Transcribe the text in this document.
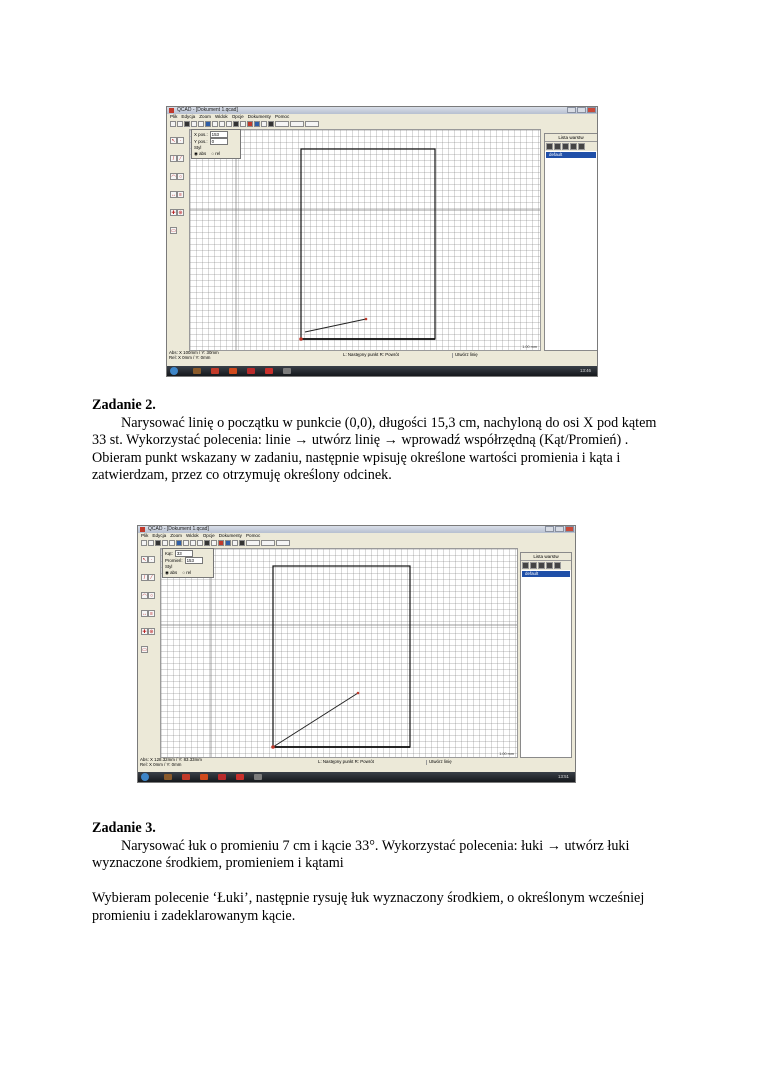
QCAD - [Dokument 1.qcad]
Plik Edycja Zoom Widok Opcje Dokumenty Pomoc
↖ · / ⁄ ◠ ○ ↔ ≡ ✚ ⊕ ▭
1.00 mm
X pos.: 153
Y pos.: 0
Styl
◉ abs
○ rel
Lista warstw
default
Abs: X 100mm / Y: 30mm
Rel: X 0mm / Y: 0mm
L: Następny punkt R: Powrót	Utwórz linię
13:46

Zadanie 2.

Narysować linię o początku w punkcie (0,0), długości 15,3 cm, nachyloną do osi X pod kątem 33 st. Wykorzystać polecenia: linie → utwórz linię → wprowadź współrzędną (Kąt/Promień) .

Obieram punkt wskazany w zadaniu, następnie wpisuję określone wartości promienia i kąta i zatwierdzam, przez co otrzymuję określony odcinek.

QCAD - [Dokument 1.qcad]
Plik Edycja Zoom Widok Opcje Dokumenty Pomoc
↖ · / ⁄ ◠ ○ ↔ ≡ ✚ ⊕ ▭
1.00 mm
Kąt: 33
Promień: 153
Styl
◉ abs
○ rel
Lista warstw
default
Abs: X 128.32mm / Y: 83.33mm
Rel: X 0mm / Y: 0mm
L: Następny punkt R: Powrót	Utwórz linię
13:51

Zadanie 3.

Narysować łuk o promieniu 7 cm i kącie 33°. Wykorzystać polecenia: łuki → utwórz łuki wyznaczone środkiem, promieniem i kątami

Wybieram polecenie ‘Łuki’, następnie rysuję łuk wyznaczony środkiem, o określonym wcześniej promieniu i zadeklarowanym kącie.
